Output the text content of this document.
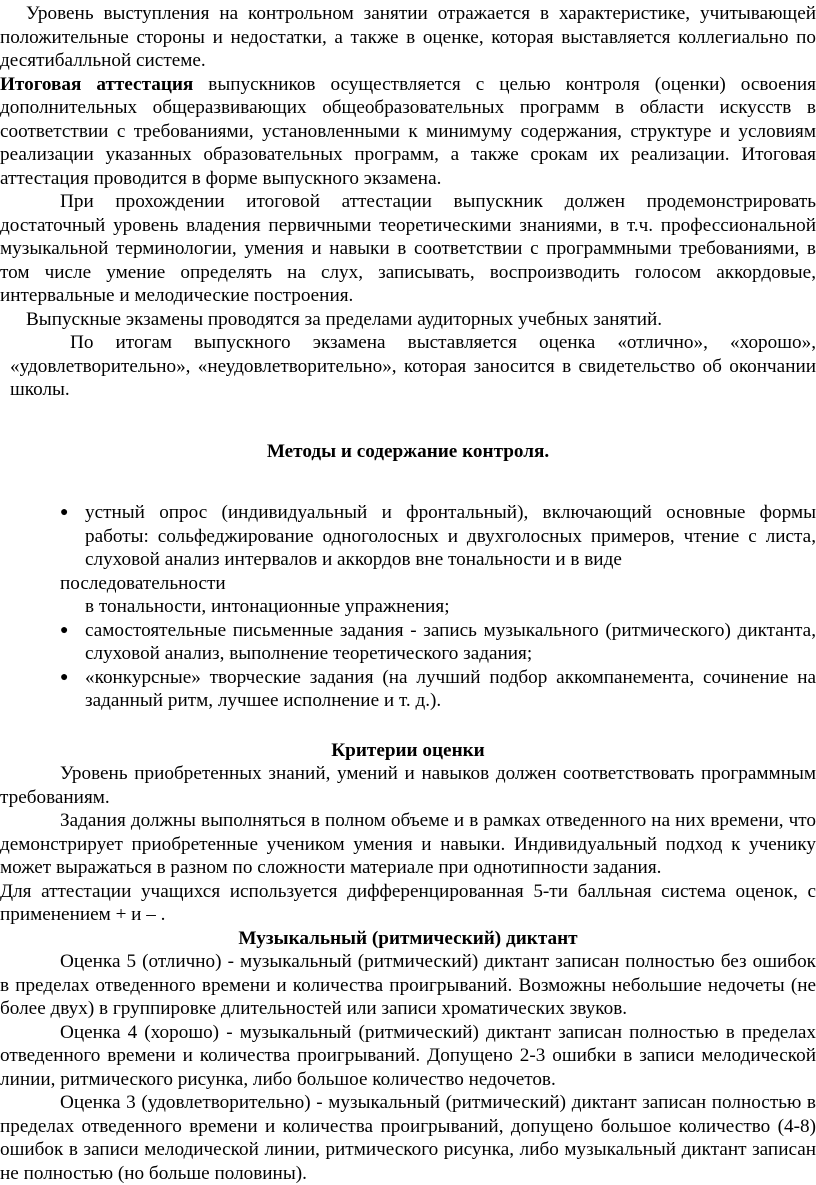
Уровень выступления на контрольном занятии отражается в характеристике, учитывающей положительные стороны и недостатки, а также в оценке, которая выставляется коллегиально по десятибалльной системе.

Итоговая аттестация выпускников осуществляется с целью контроля (оценки) освоения дополнительных общеразвивающих общеобразовательных программ в области искусств в соответствии с требованиями, установленными к минимуму содержания, структуре и условиям реализации указанных образовательных программ, а также срокам их реализации. Итоговая аттестация проводится в форме выпускного экзамена.

При прохождении итоговой аттестации выпускник должен продемонстрировать достаточный уровень владения первичными теоретическими знаниями, в т.ч. профессиональной музыкальной терминологии, умения и навыки в соответствии с программными требованиями, в том числе умение определять на слух, записывать, воспроизводить голосом аккордовые, интервальные и мелодические построения.

Выпускные экзамены проводятся за пределами аудиторных учебных занятий.

По итогам выпускного экзамена выставляется оценка «отлично», «хорошо», «удовлетворительно», «неудовлетворительно», которая заносится в свидетельство об окончании школы.

Методы и содержание контроля.

● устный опрос (индивидуальный и фронтальный), включающий основные формы работы: сольфеджирование одноголосных и двухголосных примеров, чтение с листа, слуховой анализ интервалов и аккордов вне тональности и в виде

последовательности

в тональности, интонационные упражнения;

● самостоятельные письменные задания - запись музыкального (ритмического) диктанта, слуховой анализ, выполнение теоретического задания;
● «конкурсные» творческие задания (на лучший подбор аккомпанемента, сочинение на заданный ритм, лучшее исполнение и т. д.).

Критерии оценки

Уровень приобретенных знаний, умений и навыков должен соответствовать программным требованиям.

Задания должны выполняться в полном объеме и в рамках отведенного на них времени, что демонстрирует приобретенные учеником умения и навыки. Индивидуальный подход к ученику может выражаться в разном по сложности материале при однотипности задания.

Для аттестации учащихся используется дифференцированная 5-ти балльная система оценок, с применением + и – .

Музыкальный (ритмический) диктант

Оценка 5 (отлично) - музыкальный (ритмический) диктант записан полностью без ошибок в пределах отведенного времени и количества проигрываний. Возможны небольшие недочеты (не более двух) в группировке длительностей или записи хроматических звуков.

Оценка 4 (хорошо) - музыкальный (ритмический) диктант записан полностью в пределах отведенного времени и количества проигрываний. Допущено 2-3 ошибки в записи мелодической линии, ритмического рисунка, либо большое количество недочетов.

Оценка 3 (удовлетворительно) - музыкальный (ритмический) диктант записан полностью в пределах отведенного времени и количества проигрываний, допущено большое количество (4-8) ошибок в записи мелодической линии, ритмического рисунка, либо музыкальный диктант записан не полностью (но больше половины).
